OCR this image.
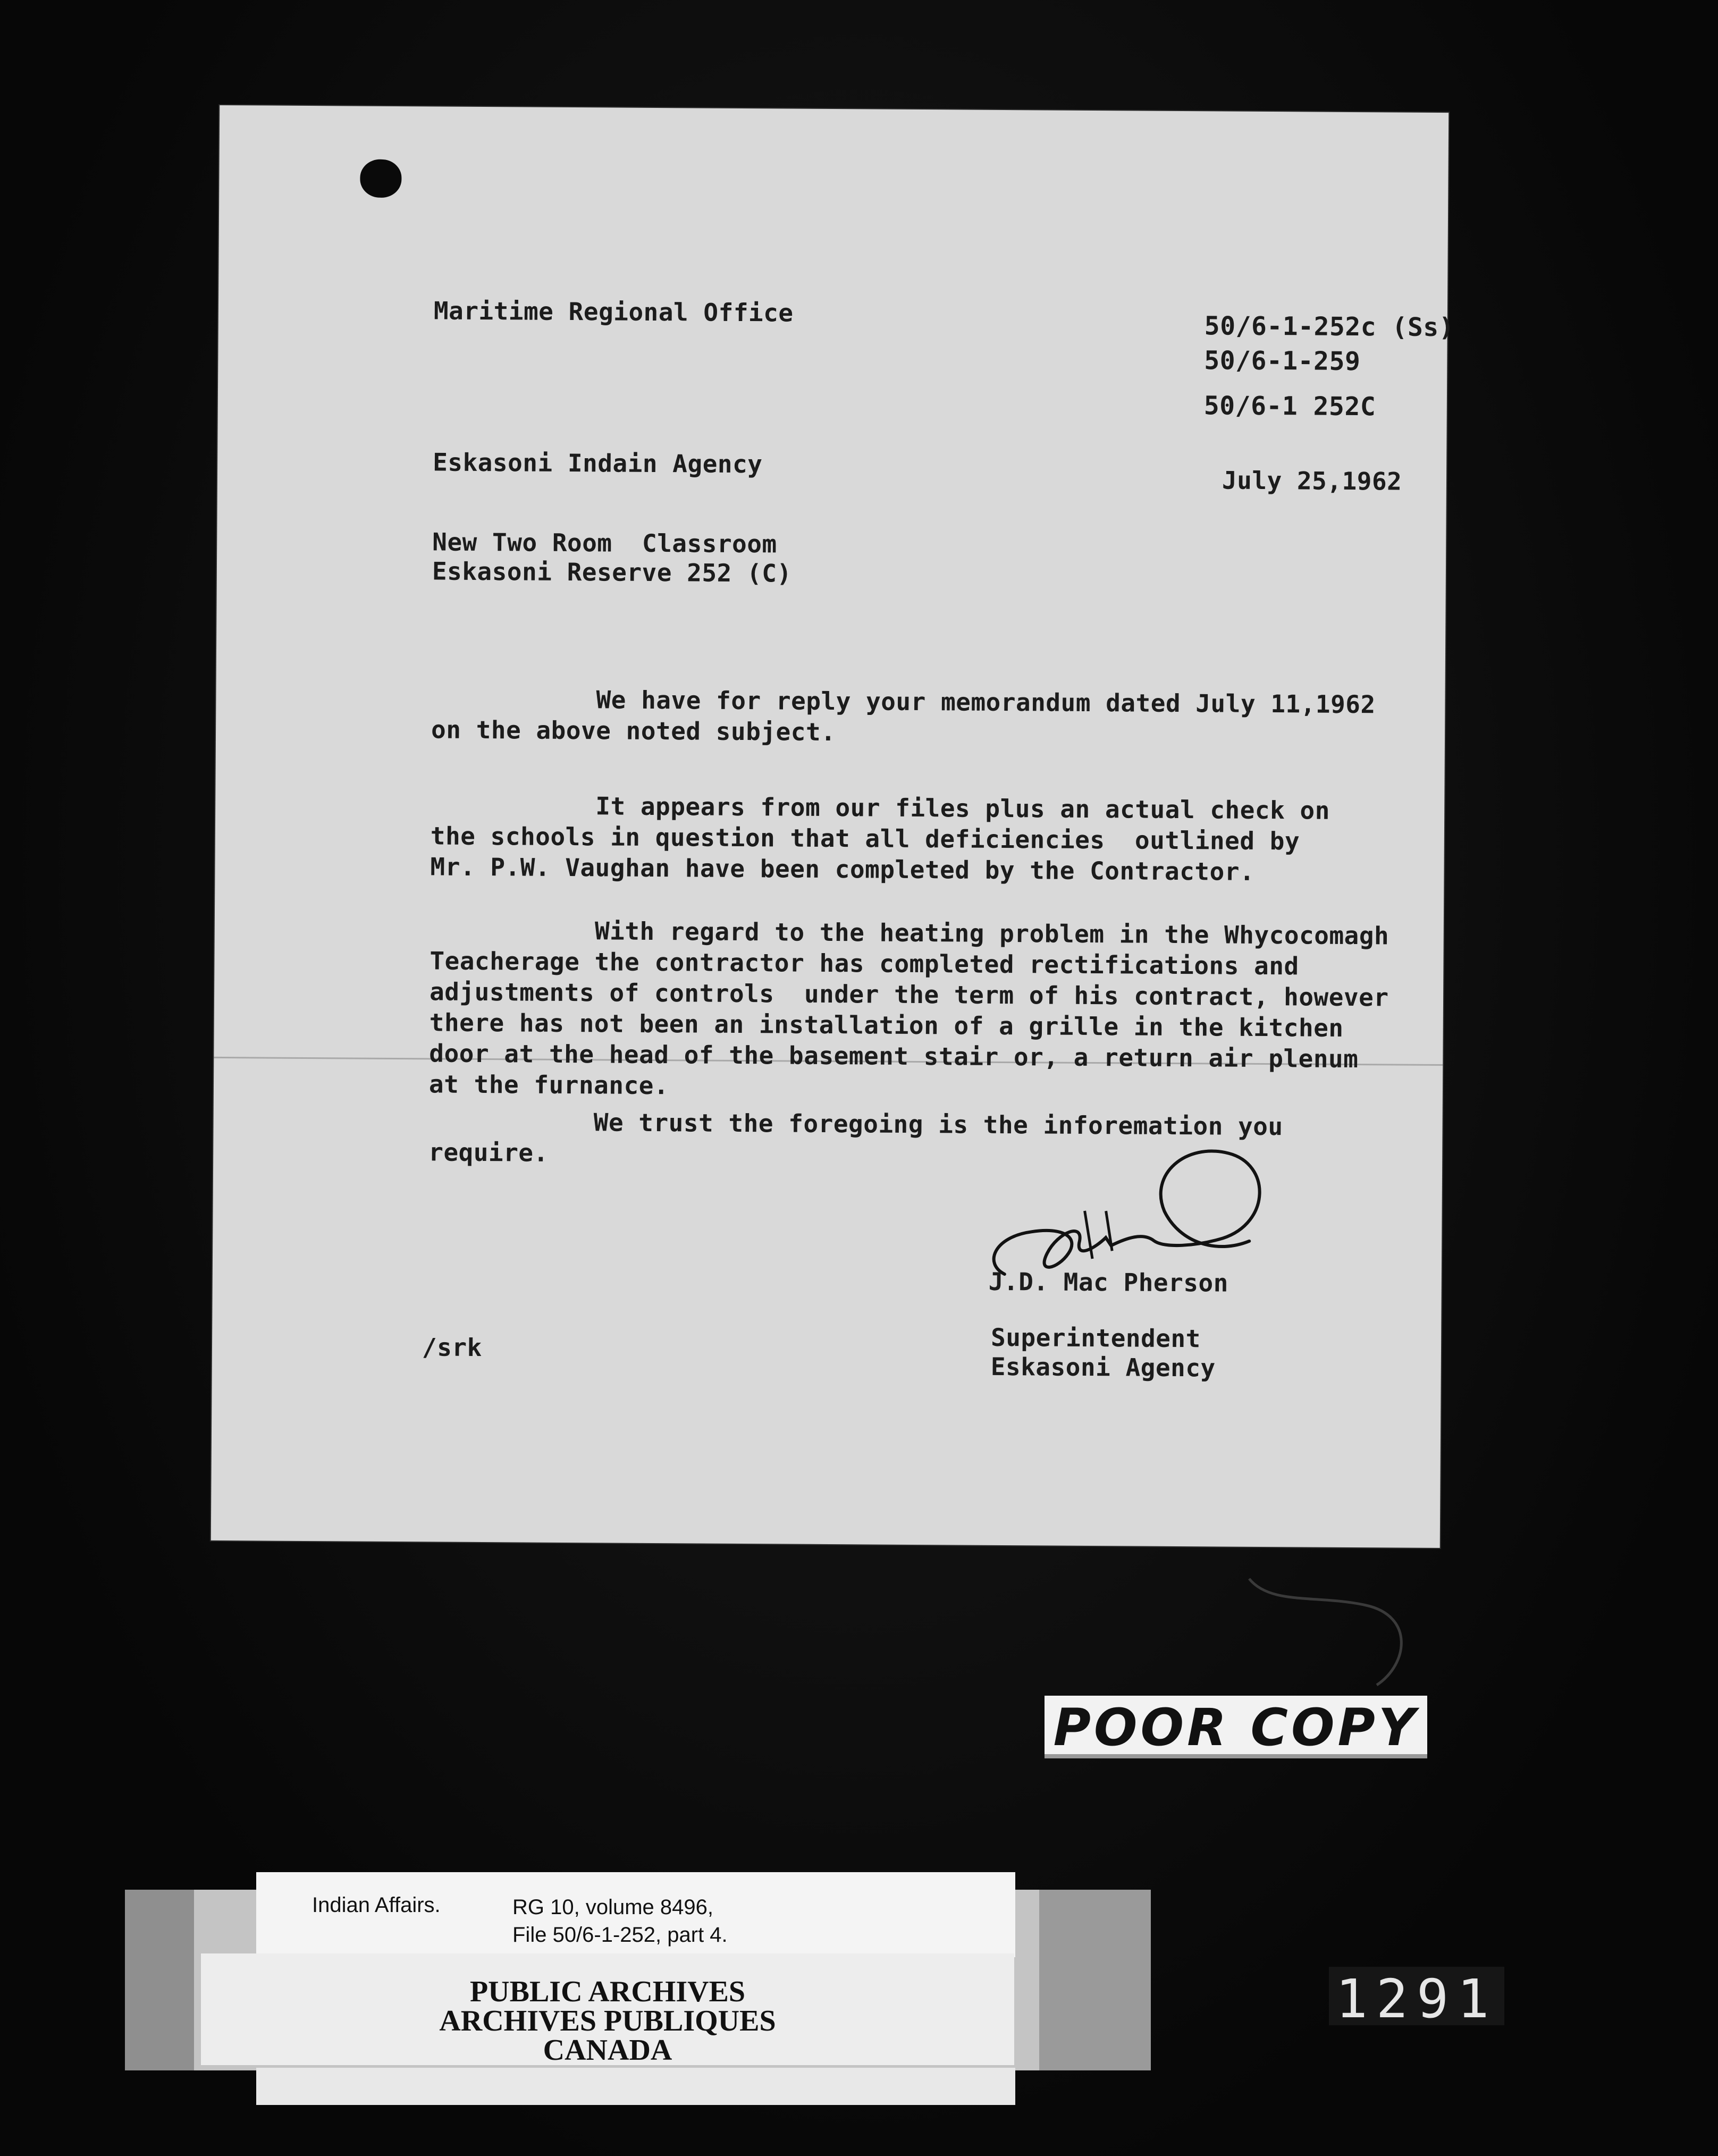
Maritime Regional Office	50/6-1-252c (Ss)
50/6-1-259
50/6-1 252C
Eskasoni Indain Agency
July 25,1962
New Two Room  Classroom
Eskasoni Reserve 252 (C)
We have for reply your memorandum dated July 11,1962
on the above noted subject.
It appears from our files plus an actual check on
the schools in question that all deficiencies  outlined by
Mr. P.W. Vaughan have been completed by the Contractor.
With regard to the heating problem in the Whycocomagh
Teacherage the contractor has completed rectifications and
adjustments of controls  under the term of his contract, however
there has not been an installation of a grille in the kitchen
door at the head of the basement stair or, a return air plenum
at the furnance.
We trust the foregoing is the inforemation you
require.
J.D. Mac Pherson
Superintendent
Eskasoni Agency
/srk
POOR COPY
Indian Affairs.	RG 10, volume 8496,
File 50/6-1-252, part 4.
PUBLIC ARCHIVES
ARCHIVES PUBLIQUES
CANADA
1291
